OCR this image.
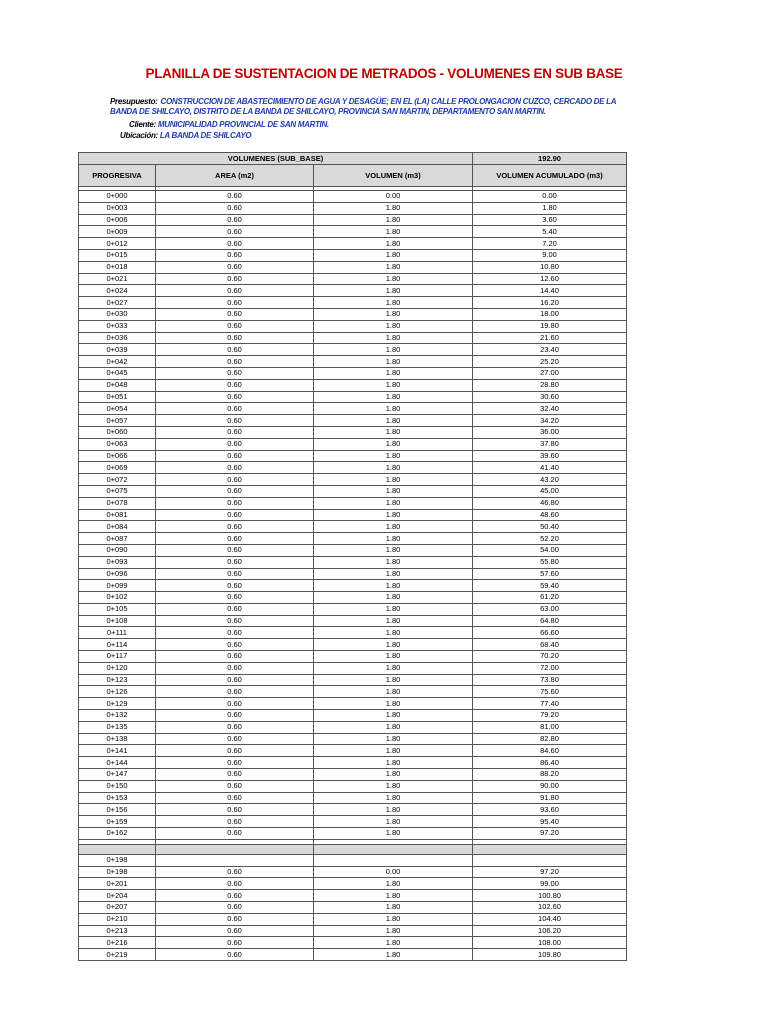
PLANILLA DE SUSTENTACION DE METRADOS - VOLUMENES EN SUB BASE
Presupuesto: CONSTRUCCION DE ABASTECIMIENTO DE AGUA Y DESAGÜE; EN EL (LA) CALLE PROLONGACION CUZCO, CERCADO DE LA BANDA DE SHILCAYO, DISTRITO DE LA BANDA DE SHILCAYO, PROVINCIA SAN MARTIN, DEPARTAMENTO SAN MARTIN.
Cliente: MUNICIPALIDAD PROVINCIAL DE SAN MARTIN.
Ubicación: LA BANDA DE SHILCAYO
VOLUMENES (SUB_BASE)			192.90
PROGRESIVA	AREA (m2)	VOLUMEN (m3)	VOLUMEN ACUMULADO (m3)

0+000	0.60	0.00	0.00
0+003	0.60	1.80	1.80
0+006	0.60	1.80	3.60
0+009	0.60	1.80	5.40
0+012	0.60	1.80	7.20
0+015	0.60	1.80	9.00
0+018	0.60	1.80	10.80
0+021	0.60	1.80	12.60
0+024	0.60	1.80	14.40
0+027	0.60	1.80	16.20
0+030	0.60	1.80	18.00
0+033	0.60	1.80	19.80
0+036	0.60	1.80	21.60
0+039	0.60	1.80	23.40
0+042	0.60	1.80	25.20
0+045	0.60	1.80	27.00
0+048	0.60	1.80	28.80
0+051	0.60	1.80	30.60
0+054	0.60	1.80	32.40
0+057	0.60	1.80	34.20
0+060	0.60	1.80	36.00
0+063	0.60	1.80	37.80
0+066	0.60	1.80	39.60
0+069	0.60	1.80	41.40
0+072	0.60	1.80	43.20
0+075	0.60	1.80	45.00
0+078	0.60	1.80	46.80
0+081	0.60	1.80	48.60
0+084	0.60	1.80	50.40
0+087	0.60	1.80	52.20
0+090	0.60	1.80	54.00
0+093	0.60	1.80	55.80
0+096	0.60	1.80	57.60
0+099	0.60	1.80	59.40
0+102	0.60	1.80	61.20
0+105	0.60	1.80	63.00
0+108	0.60	1.80	64.80
0+111	0.60	1.80	66.60
0+114	0.60	1.80	68.40
0+117	0.60	1.80	70.20
0+120	0.60	1.80	72.00
0+123	0.60	1.80	73.80
0+126	0.60	1.80	75.60
0+129	0.60	1.80	77.40
0+132	0.60	1.80	79.20
0+135	0.60	1.80	81.00
0+138	0.60	1.80	82.80
0+141	0.60	1.80	84.60
0+144	0.60	1.80	86.40
0+147	0.60	1.80	88.20
0+150	0.60	1.80	90.00
0+153	0.60	1.80	91.80
0+156	0.60	1.80	93.60
0+159	0.60	1.80	95.40
0+162	0.60	1.80	97.20

0+198			
0+198	0.60	0.00	97.20
0+201	0.60	1.80	99.00
0+204	0.60	1.80	100.80
0+207	0.60	1.80	102.60
0+210	0.60	1.80	104.40
0+213	0.60	1.80	106.20
0+216	0.60	1.80	108.00
0+219	0.60	1.80	109.80
